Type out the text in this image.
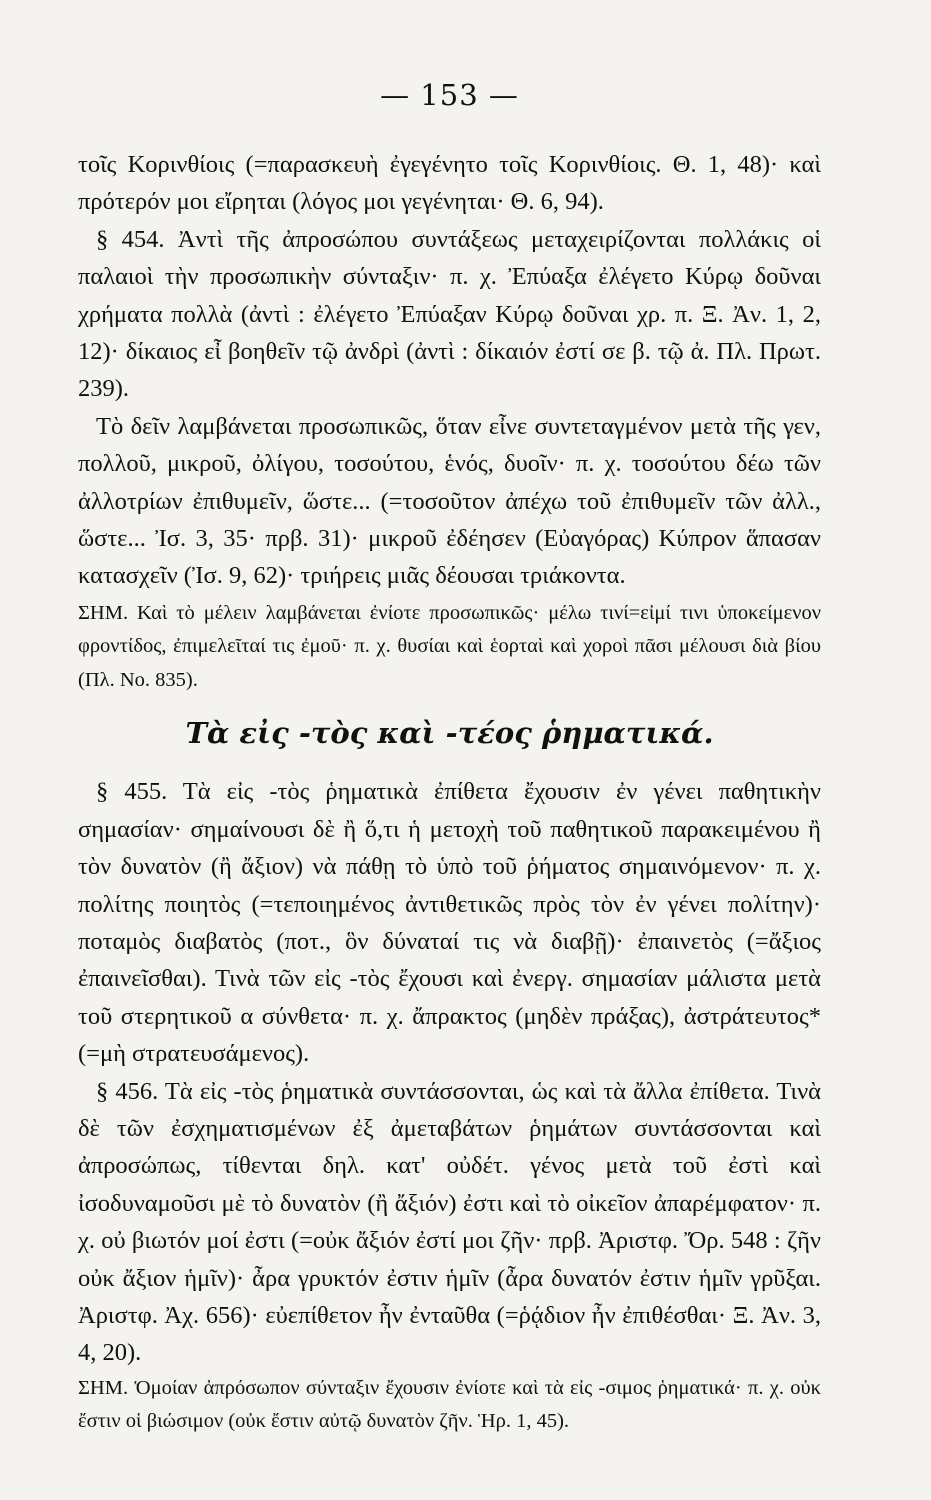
— 153 —

τοῖς Κορινθίοις (=παρασκευὴ ἐγεγένητο τοῖς Κορινθίοις. Θ. 1, 48)· καὶ πρότερόν μοι εἴρηται (λόγος μοι γεγένηται· Θ. 6, 94).

§ 454. Ἀντὶ τῆς ἀπροσώπου συντάξεως μεταχειρίζονται πολλάκις οἱ παλαιοὶ τὴν προσωπικὴν σύνταξιν· π. χ. Ἐπύαξα ἐλέγετο Κύρῳ δοῦναι χρήματα πολλὰ (ἀντὶ : ἐλέγετο Ἐπύαξαν Κύρῳ δοῦναι χρ. π. Ξ. Ἀν. 1, 2, 12)· δίκαιος εἶ βοηθεῖν τῷ ἀνδρὶ (ἀντὶ : δίκαιόν ἐστί σε β. τῷ ἀ. Πλ. Πρωτ. 239).

Τὸ δεῖν λαμβάνεται προσωπικῶς, ὅταν εἶνε συντεταγμένον μετὰ τῆς γεν, πολλοῦ, μικροῦ, ὀλίγου, τοσούτου, ἑνός, δυοῖν· π. χ. τοσούτου δέω τῶν ἀλλοτρίων ἐπιθυμεῖν, ὥστε... (=τοσοῦτον ἀπέχω τοῦ ἐπιθυμεῖν τῶν ἀλλ., ὥστε... Ἰσ. 3, 35· πρβ. 31)· μικροῦ ἐδέησεν (Εὐαγόρας) Κύπρον ἅπασαν κατασχεῖν (Ἰσ. 9, 62)· τριήρεις μιᾶς δέουσαι τριάκοντα.

ΣΗΜ. Καὶ τὸ μέλειν λαμβάνεται ἐνίοτε προσωπικῶς· μέλω τινί=εἰμί τινι ὑποκείμενον φροντίδος, ἐπιμελεῖταί τις ἐμοῦ· π. χ. θυσίαι καὶ ἑορταὶ καὶ χοροὶ πᾶσι μέλουσι διὰ βίου (Πλ. Νο. 835).

Τὰ εἰς -τὸς καὶ -τέος ῥηματικά.

§ 455. Τὰ εἰς -τὸς ῥηματικὰ ἐπίθετα ἔχουσιν ἐν γένει παθητικὴν σημασίαν· σημαίνουσι δὲ ἢ ὅ,τι ἡ μετοχὴ τοῦ παθητικοῦ παρακειμένου ἢ τὸν δυνατὸν (ἢ ἄξιον) νὰ πάθῃ τὸ ὑπὸ τοῦ ῥήματος σημαινόμενον· π. χ. πολίτης ποιητὸς (=τεποιημένος ἀντιθετικῶς πρὸς τὸν ἐν γένει πολίτην)· ποταμὸς διαβατὸς (ποτ., ὃν δύναταί τις νὰ διαβῇ)· ἐπαινετὸς (=ἄξιος ἐπαινεῖσθαι). Τινὰ τῶν εἰς -τὸς ἔχουσι καὶ ἐνεργ. σημασίαν μάλιστα μετὰ τοῦ στερητικοῦ α σύνθετα· π. χ. ἄπρακτος (μηδὲν πράξας), ἀστράτευτος* (=μὴ στρατευσάμενος).

§ 456. Τὰ εἰς -τὸς ῥηματικὰ συντάσσονται, ὡς καὶ τὰ ἄλλα ἐπίθετα. Τινὰ δὲ τῶν ἐσχηματισμένων ἐξ ἀμεταβάτων ῥημάτων συντάσσονται καὶ ἀπροσώπως, τίθενται δηλ. κατ' οὐδέτ. γένος μετὰ τοῦ ἐστὶ καὶ ἰσοδυναμοῦσι μὲ τὸ δυνατὸν (ἢ ἄξιόν) ἐστι καὶ τὸ οἰκεῖον ἀπαρέμφατον· π. χ. οὐ βιωτόν μοί ἐστι (=οὐκ ἄξιόν ἐστί μοι ζῆν· πρβ. Ἀριστφ. Ὄρ. 548 : ζῆν οὐκ ἄξιον ἡμῖν)· ἆρα γρυκτόν ἐστιν ἡμῖν (ἆρα δυνατόν ἐστιν ἡμῖν γρῦξαι. Ἀριστφ. Ἀχ. 656)· εὐεπίθετον ἦν ἐνταῦθα (=ῥᾴδιον ἦν ἐπιθέσθαι· Ξ. Ἀν. 3, 4, 20).

ΣΗΜ. Ὁμοίαν ἀπρόσωπον σύνταξιν ἔχουσιν ἐνίοτε καὶ τὰ εἰς -σιμος ῥηματικά· π. χ. οὐκ ἔστιν οἱ βιώσιμον (οὐκ ἔστιν αὐτῷ δυνατὸν ζῆν. Ἡρ. 1, 45).
